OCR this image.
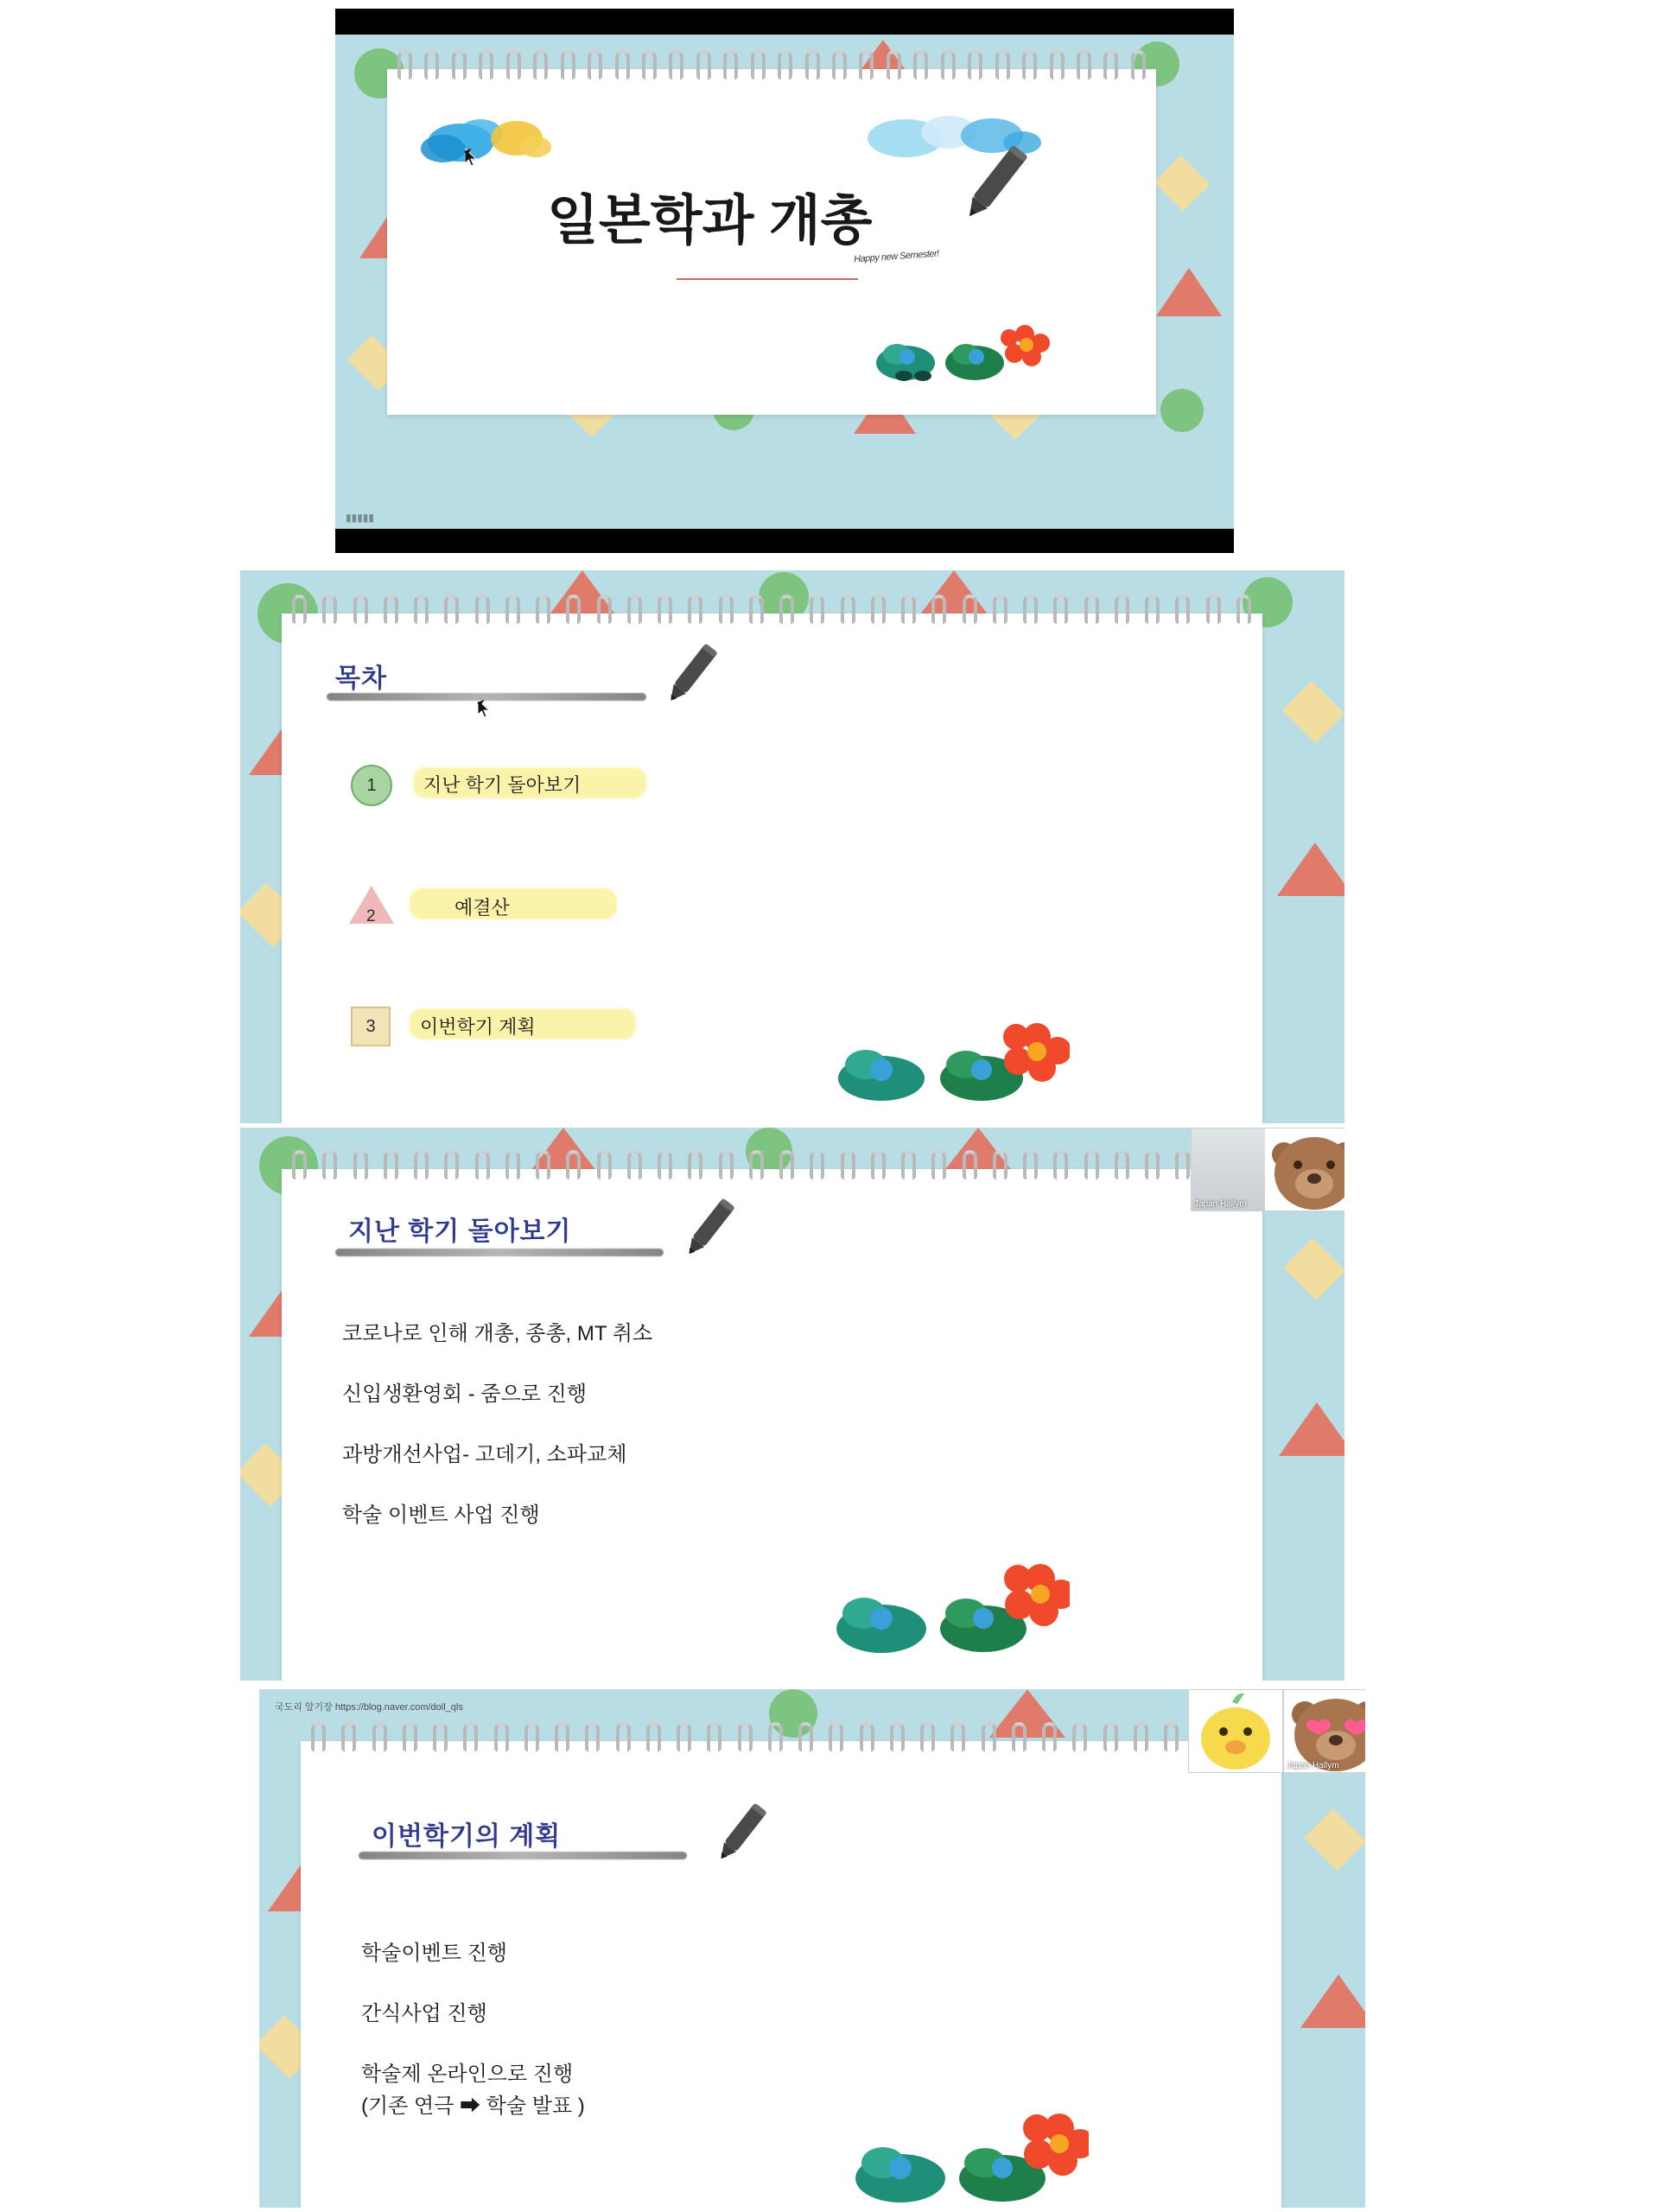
일본학과 개총
Happy new Semester!
▮▮▮▮▮
목차
1 지난 학기 돌아보기
2	예결산
3 이번학기 계획
지난 학기 돌아보기
코로나로 인해 개총, 종총, MT 취소
신입생환영회 - 줌으로 진행
과방개선사업- 고데기, 소파교체
학술 이벤트 사업 진행
Japan Hallym
국도리 알기장 https://blog.naver.com/doll_qls
이번학기의 계획
학술이벤트 진행
간식사업 진행
학술제 온라인으로 진행
(기존 연극 ➡ 학술 발표 )
Japan Hallym
